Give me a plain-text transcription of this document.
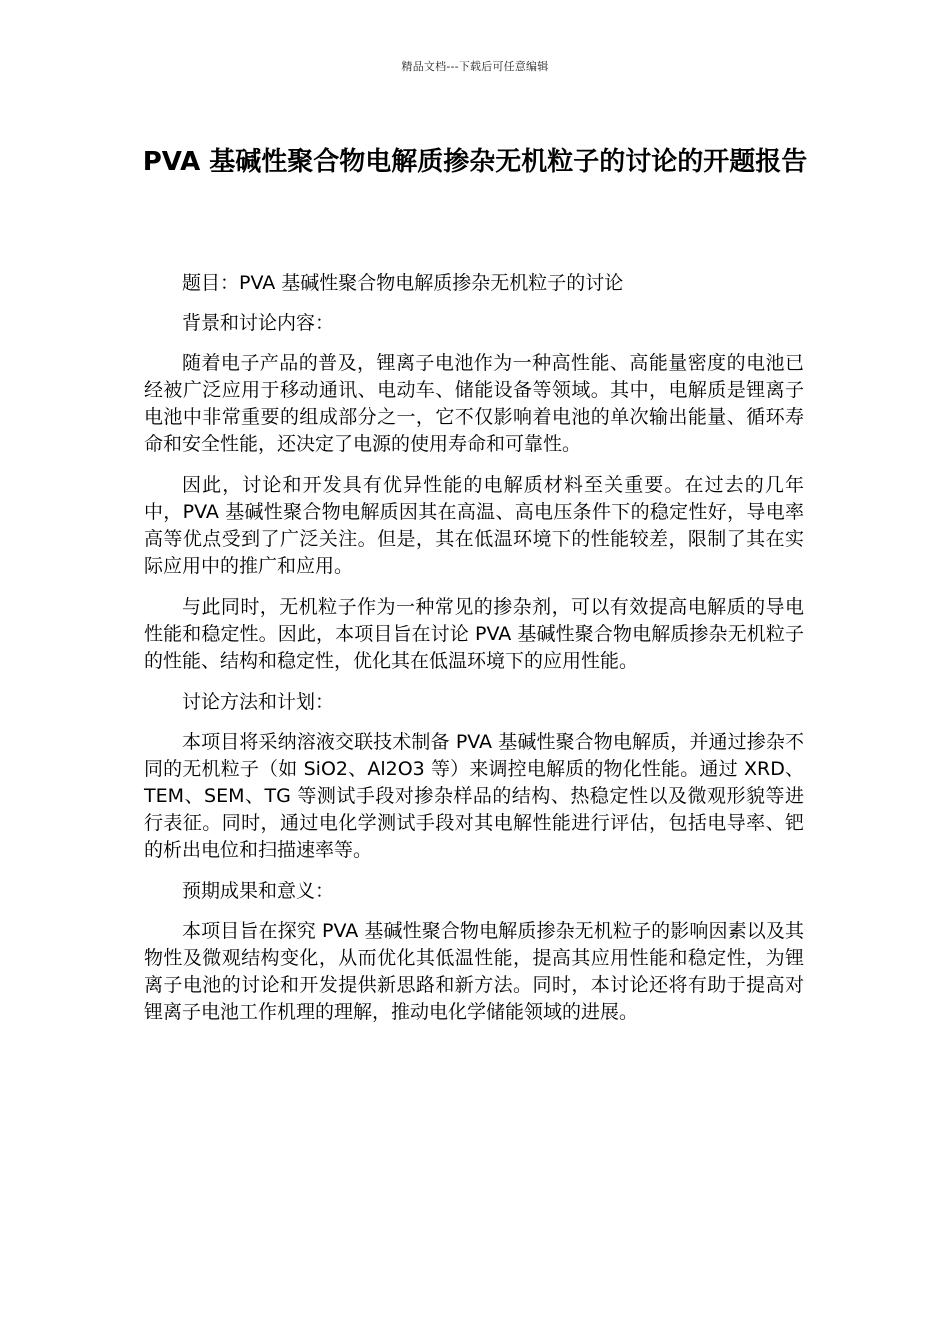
精品文档---下载后可任意编辑
PVA 基碱性聚合物电解质掺杂无机粒子的讨论的开题报告

题目：PVA 基碱性聚合物电解质掺杂无机粒子的讨论

背景和讨论内容：

随着电子产品的普及，锂离子电池作为一种高性能、高能量密度的电池已经被广泛应用于移动通讯、电动车、储能设备等领域。其中，电解质是锂离子电池中非常重要的组成部分之一，它不仅影响着电池的单次输出能量、循环寿命和安全性能，还决定了电源的使用寿命和可靠性。

因此，讨论和开发具有优异性能的电解质材料至关重要。在过去的几年中，PVA 基碱性聚合物电解质因其在高温、高电压条件下的稳定性好，导电率高等优点受到了广泛关注。但是，其在低温环境下的性能较差，限制了其在实际应用中的推广和应用。

与此同时，无机粒子作为一种常见的掺杂剂，可以有效提高电解质的导电性能和稳定性。因此，本项目旨在讨论 PVA 基碱性聚合物电解质掺杂无机粒子的性能、结构和稳定性，优化其在低温环境下的应用性能。

讨论方法和计划：

本项目将采纳溶液交联技术制备 PVA 基碱性聚合物电解质，并通过掺杂不同的无机粒子（如 SiO2、Al2O3 等）来调控电解质的物化性能。通过 XRD、TEM、SEM、TG 等测试手段对掺杂样品的结构、热稳定性以及微观形貌等进行表征。同时，通过电化学测试手段对其电解性能进行评估，包括电导率、钯的析出电位和扫描速率等。

预期成果和意义：

本项目旨在探究 PVA 基碱性聚合物电解质掺杂无机粒子的影响因素以及其物性及微观结构变化，从而优化其低温性能，提高其应用性能和稳定性，为锂离子电池的讨论和开发提供新思路和新方法。同时，本讨论还将有助于提高对锂离子电池工作机理的理解，推动电化学储能领域的进展。
